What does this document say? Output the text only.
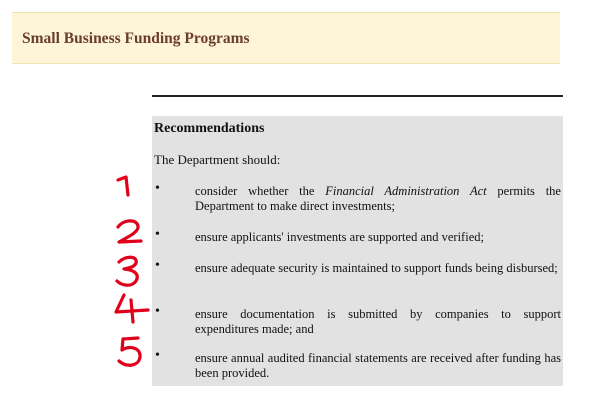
Small Business Funding Programs
Recommendations
The Department should:
•	consider whether the Financial Administration Act permits the Department to make direct investments;
•	ensure applicants' investments are supported and verified;
•	ensure adequate security is maintained to support funds being disbursed;
•	ensure documentation is submitted by companies to support expenditures made; and
•	ensure annual audited financial statements are received after funding has been provided.
